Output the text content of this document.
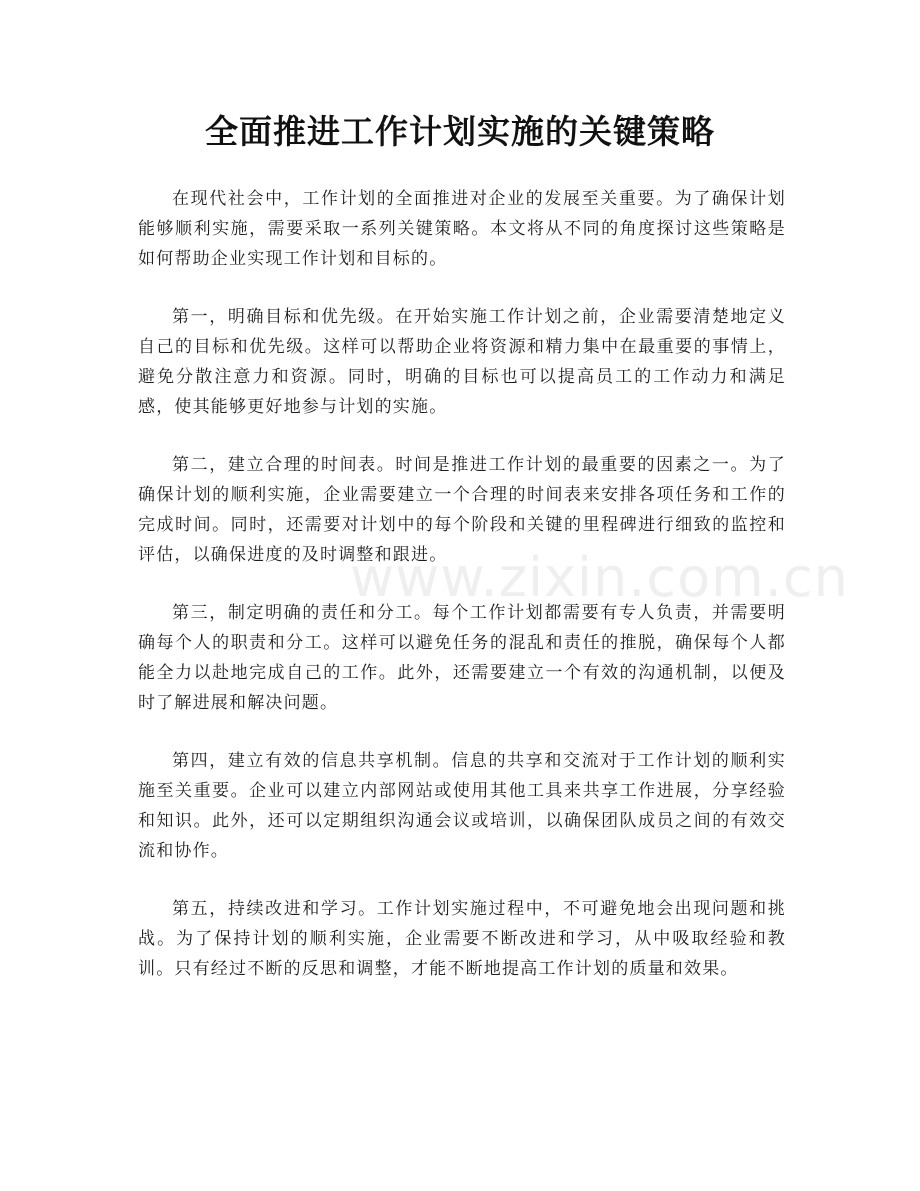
全面推进工作计划实施的关键策略

在现代社会中，工作计划的全面推进对企业的发展至关重要。为了确保计划能够顺利实施，需要采取一系列关键策略。本文将从不同的角度探讨这些策略是如何帮助企业实现工作计划和目标的。

第一，明确目标和优先级。在开始实施工作计划之前，企业需要清楚地定义自己的目标和优先级。这样可以帮助企业将资源和精力集中在最重要的事情上，避免分散注意力和资源。同时，明确的目标也可以提高员工的工作动力和满足感，使其能够更好地参与计划的实施。

第二，建立合理的时间表。时间是推进工作计划的最重要的因素之一。为了确保计划的顺利实施，企业需要建立一个合理的时间表来安排各项任务和工作的完成时间。同时，还需要对计划中的每个阶段和关键的里程碑进行细致的监控和评估，以确保进度的及时调整和跟进。

第三，制定明确的责任和分工。每个工作计划都需要有专人负责，并需要明确每个人的职责和分工。这样可以避免任务的混乱和责任的推脱，确保每个人都能全力以赴地完成自己的工作。此外，还需要建立一个有效的沟通机制，以便及时了解进展和解决问题。

第四，建立有效的信息共享机制。信息的共享和交流对于工作计划的顺利实施至关重要。企业可以建立内部网站或使用其他工具来共享工作进展，分享经验和知识。此外，还可以定期组织沟通会议或培训，以确保团队成员之间的有效交流和协作。

第五，持续改进和学习。工作计划实施过程中，不可避免地会出现问题和挑战。为了保持计划的顺利实施，企业需要不断改进和学习，从中吸取经验和教训。只有经过不断的反思和调整，才能不断地提高工作计划的质量和效果。

www.zixin.com.cn
